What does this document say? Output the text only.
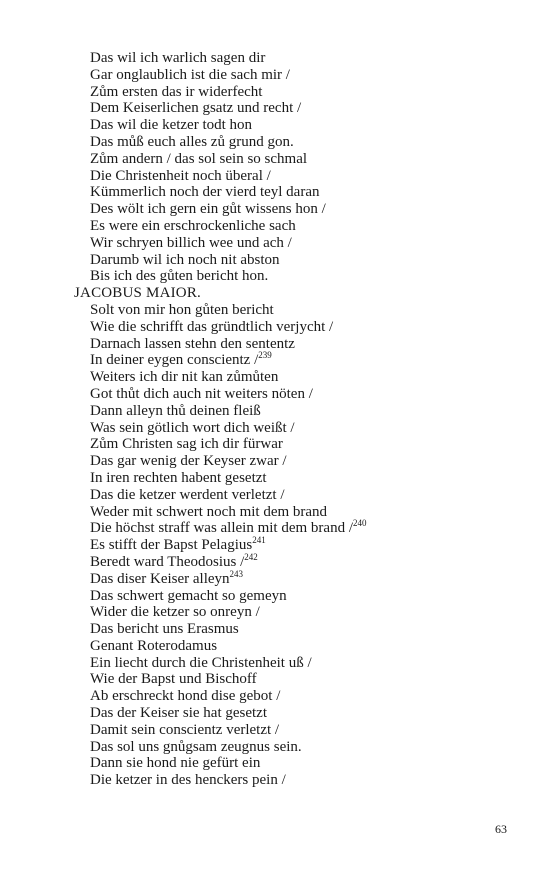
Das wil ich warlich sagen dir
Gar onglaublich ist die sach mir /
Zům ersten das ir widerfecht
Dem Keiserlichen gsatz und recht /
Das wil die ketzer todt hon
Das můß euch alles zů grund gon.
Zům andern / das sol sein so schmal
Die Christenheit noch überal /
Kümmerlich noch der vierd teyl daran
Des wölt ich gern ein gůt wissens hon /
Es were ein erschrockenliche sach
Wir schryen billich wee und ach /
Darumb wil ich noch nit abston
Bis ich des gůten bericht hon.
JACOBUS MAIOR.
Solt von mir hon gůten bericht
Wie die schrifft das gründtlich verjycht /
Darnach lassen stehn den sententz
In deiner eygen conscientz /$^{239}$
Weiters ich dir nit kan zůmůten
Got thůt dich auch nit weiters nöten /
Dann alleyn thů deinen fleiß
Was sein götlich wort dich weißt /
Zům Christen sag ich dir fürwar
Das gar wenig der Keyser zwar /
In iren rechten habent gesetzt
Das die ketzer werdent verletzt /
Weder mit schwert noch mit dem brand
Die höchst straff was allein mit dem brand /$^{240}$
Es stifft der Bapst Pelagius$^{241}$
Beredt ward Theodosius /$^{242}$
Das diser Keiser alleyn$^{243}$
Das schwert gemacht so gemeyn
Wider die ketzer so onreyn /
Das bericht uns Erasmus
Genant Roterodamus
Ein liecht durch die Christenheit uß /
Wie der Bapst und Bischoff
Ab erschreckt hond dise gebot /
Das der Keiser sie hat gesetzt
Damit sein conscientz verletzt /
Das sol uns gnůgsam zeugnus sein.
Dann sie hond nie gefürt ein
Die ketzer in des henckers pein /
63
